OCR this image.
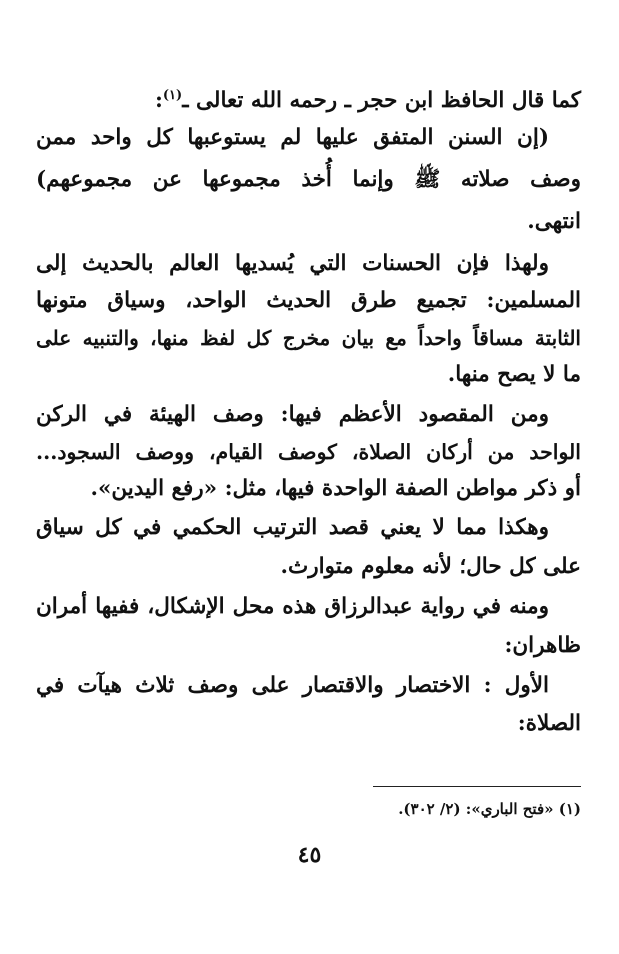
كما قال الحافظ ابن حجر ـ رحمه الله تعالى ـ$^{(١)}$:
(إن السنن المتفق عليها لم يستوعبها كل واحد ممن
وصف صلاته ﷺ وإنما أُخذ مجموعها عن مجموعهم)
انتهى.
ولهذا فإن الحسنات التي يُسديها العالم بالحديث إلى
المسلمين: تجميع طرق الحديث الواحد، وسياق متونها
الثابتة مساقاً واحداً مع بيان مخرج كل لفظ منها، والتنبيه على
ما لا يصح منها.
ومن المقصود الأعظم فيها: وصف الهيئة في الركن
الواحد من أركان الصلاة، كوصف القيام، ووصف السجود...
أو ذكر مواطن الصفة الواحدة فيها، مثل: «رفع اليدين».
وهكذا مما لا يعني قصد الترتيب الحكمي في كل سياق
على كل حال؛ لأنه معلوم متوارث.
ومنه في رواية عبدالرزاق هذه محل الإشكال، ففيها أمران
ظاهران:
الأول : الاختصار والاقتصار على وصف ثلاث هيآت في
الصلاة:
(١) «فتح الباري»: (٢/ ٣٠٢).
٤٥
